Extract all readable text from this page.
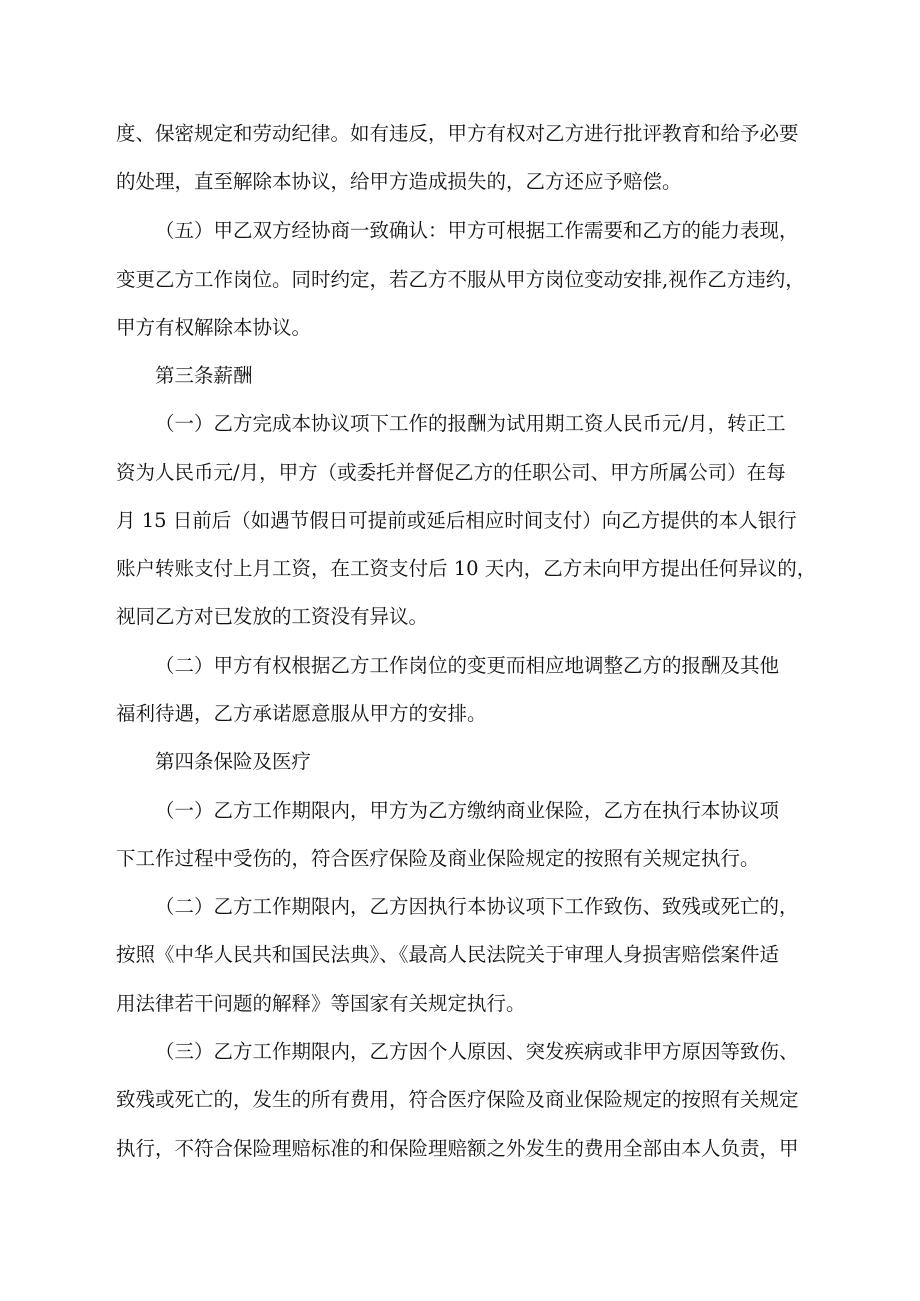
度、保密规定和劳动纪律。如有违反，甲方有权对乙方进行批评教育和给予必要
的处理，直至解除本协议，给甲方造成损失的，乙方还应予赔偿。
（五）甲乙双方经协商一致确认：甲方可根据工作需要和乙方的能力表现，
变更乙方工作岗位。同时约定，若乙方不服从甲方岗位变动安排,视作乙方违约，
甲方有权解除本协议。
第三条薪酬
（一）乙方完成本协议项下工作的报酬为试用期工资人民币元/月，转正工
资为人民币元/月，甲方（或委托并督促乙方的任职公司、甲方所属公司）在每
月 15 日前后（如遇节假日可提前或延后相应时间支付）向乙方提供的本人银行
账户转账支付上月工资，在工资支付后 10 天内，乙方未向甲方提出任何异议的，
视同乙方对已发放的工资没有异议。
（二）甲方有权根据乙方工作岗位的变更而相应地调整乙方的报酬及其他
福利待遇，乙方承诺愿意服从甲方的安排。
第四条保险及医疗
（一）乙方工作期限内，甲方为乙方缴纳商业保险，乙方在执行本协议项
下工作过程中受伤的，符合医疗保险及商业保险规定的按照有关规定执行。
（二）乙方工作期限内，乙方因执行本协议项下工作致伤、致残或死亡的，
按照《中华人民共和国民法典》、《最高人民法院关于审理人身损害赔偿案件适
用法律若干问题的解释》等国家有关规定执行。
（三）乙方工作期限内，乙方因个人原因、突发疾病或非甲方原因等致伤、
致残或死亡的，发生的所有费用，符合医疗保险及商业保险规定的按照有关规定
执行，不符合保险理赔标准的和保险理赔额之外发生的费用全部由本人负责，甲
